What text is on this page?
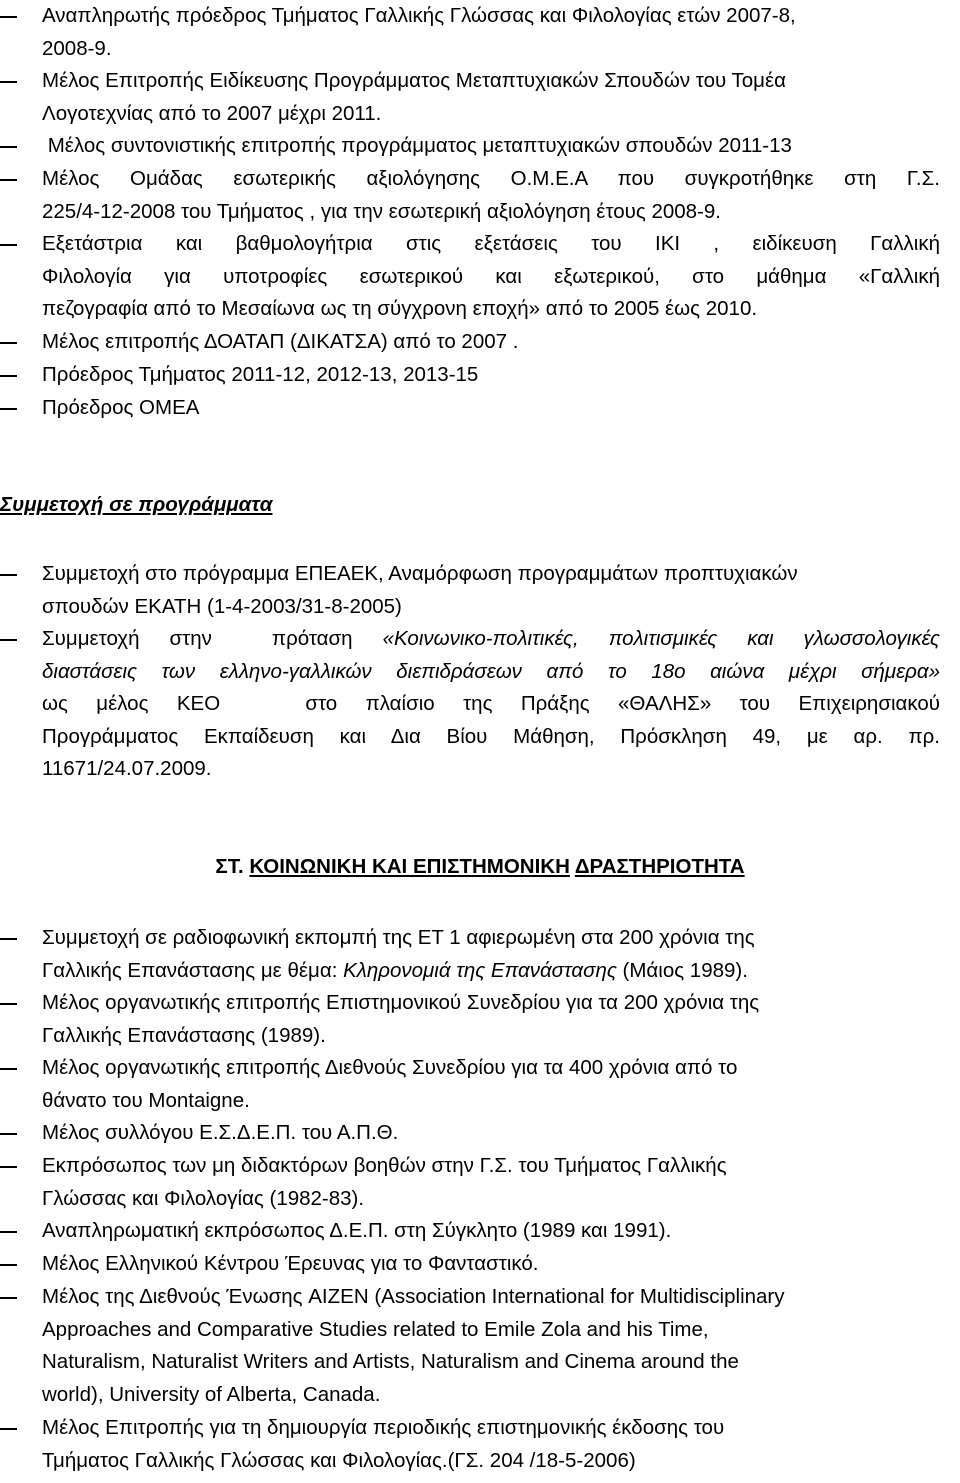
Αναπληρωτής πρόεδρος Τμήματος Γαλλικής Γλώσσας και Φιλολογίας ετών 2007-8,
2008-9.
Μέλος Επιτροπής Ειδίκευσης Προγράμματος Μεταπτυχιακών Σπουδών του Τομέα
Λογοτεχνίας από το 2007 μέχρι 2011.
Μέλος συντονιστικής επιτροπής προγράμματος μεταπτυχιακών σπουδών 2011-13
Μέλος Ομάδας εσωτερικής αξιολόγησης Ο.Μ.Ε.Α που συγκροτήθηκε στη Γ.Σ.
225/4-12-2008 του Τμήματος , για την εσωτερική αξιολόγηση έτους 2008-9.
Εξετάστρια και βαθμολογήτρια στις εξετάσεις του ΙΚΙ , ειδίκευση Γαλλική
Φιλολογία για υποτροφίες εσωτερικού και εξωτερικού, στο μάθημα «Γαλλική
πεζογραφία από το Μεσαίωνα ως τη σύγχρονη εποχή» από το 2005 έως 2010.
Μέλος επιτροπής ΔΟΑΤΑΠ (ΔΙΚΑΤΣΑ) από το 2007 .
Πρόεδρος Τμήματος 2011-12, 2012-13, 2013-15
Πρόεδρος ΟΜΕΑ
Συμμετοχή σε προγράμματα
Συμμετοχή στο πρόγραμμα ΕΠΕΑΕΚ, Αναμόρφωση προγραμμάτων προπτυχιακών
σπουδών ΕΚΑΤΗ (1-4-2003/31-8-2005)
Συμμετοχή στην  πρόταση «Κοινωνικο-πολιτικές, πολιτισμικές και γλωσσολογικές
διαστάσεις των ελληνο-γαλλικών διεπιδράσεων από το 18ο αιώνα μέχρι σήμερα»
ως μέλος ΚΕΟ   στο πλαίσιο της Πράξης «ΘΑΛΗΣ» του Επιχειρησιακού
Προγράμματος Εκπαίδευση και Δια Βίου Μάθηση, Πρόσκληση 49, με αρ. πρ.
11671/24.07.2009.
ΣΤ. ΚΟΙΝΩΝΙΚΗ ΚΑΙ ΕΠΙΣΤΗΜΟΝΙΚΗ ΔΡΑΣΤΗΡΙΟΤΗΤΑ
Συμμετοχή σε ραδιοφωνική εκπομπή της ΕΤ 1 αφιερωμένη στα 200 χρόνια της
Γαλλικής Επανάστασης με θέμα: Κληρονομιά της Επανάστασης (Μάιος 1989).
Μέλος οργανωτικής επιτροπής Επιστημονικού Συνεδρίου για τα 200 χρόνια της
Γαλλικής Επανάστασης (1989).
Μέλος οργανωτικής επιτροπής Διεθνούς Συνεδρίου για τα 400 χρόνια από το
θάνατο του Montaigne.
Μέλος συλλόγου Ε.Σ.Δ.Ε.Π. του Α.Π.Θ.
Εκπρόσωπος των μη διδακτόρων βοηθών στην Γ.Σ. του Τμήματος Γαλλικής
Γλώσσας και Φιλολογίας (1982-83).
Αναπληρωματική εκπρόσωπος Δ.Ε.Π. στη Σύγκλητο (1989 και 1991).
Μέλος Ελληνικού Κέντρου Έρευνας για το Φανταστικό.
Μέλος της Διεθνούς Ένωσης AIZEN (Association International for Multidisciplinary
Approaches and Comparative Studies related to Emile Zola and his Time,
Naturalism, Naturalist Writers and Artists, Naturalism and Cinema around the
world), University of Alberta, Canada.
Μέλος Επιτροπής για τη δημιουργία περιοδικής επιστημονικής έκδοσης του
Τμήματος Γαλλικής Γλώσσας και Φιλολογίας.(ΓΣ. 204 /18-5-2006)
